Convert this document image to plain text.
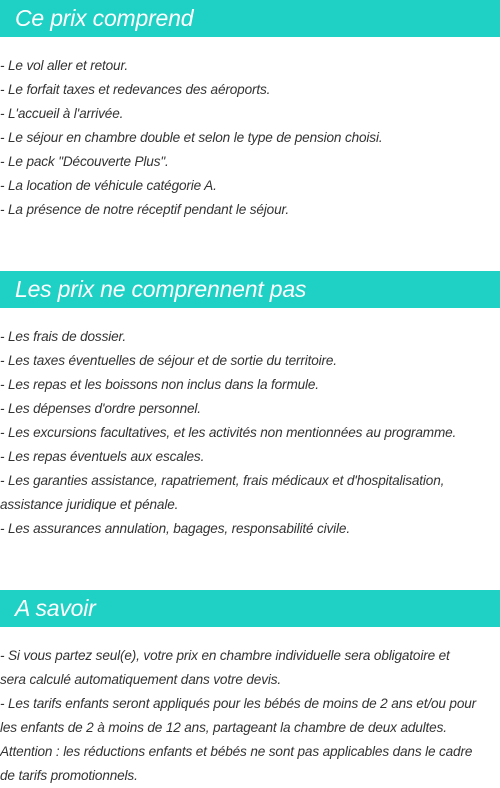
Ce prix comprend
- Le vol aller et retour.
- Le forfait taxes et redevances des aéroports.
- L'accueil à l'arrivée.
- Le séjour en chambre double et selon le type de pension choisi.
- Le pack "Découverte Plus".
- La location de véhicule catégorie A.
- La présence de notre réceptif pendant le séjour.
Les prix ne comprennent pas
- Les frais de dossier.
- Les taxes éventuelles de séjour et de sortie du territoire.
- Les repas et les boissons non inclus dans la formule.
- Les dépenses d'ordre personnel.
- Les excursions facultatives, et les activités non mentionnées au programme.
- Les repas éventuels aux escales.
- Les garanties assistance, rapatriement, frais médicaux et d'hospitalisation,
assistance juridique et pénale.
- Les assurances annulation, bagages, responsabilité civile.
A savoir
- Si vous partez seul(e), votre prix en chambre individuelle sera obligatoire et
sera calculé automatiquement dans votre devis.
- Les tarifs enfants seront appliqués pour les bébés de moins de 2 ans et/ou pour
les enfants de 2 à moins de 12 ans, partageant la chambre de deux adultes.
Attention : les réductions enfants et bébés ne sont pas applicables dans le cadre
de tarifs promotionnels.
